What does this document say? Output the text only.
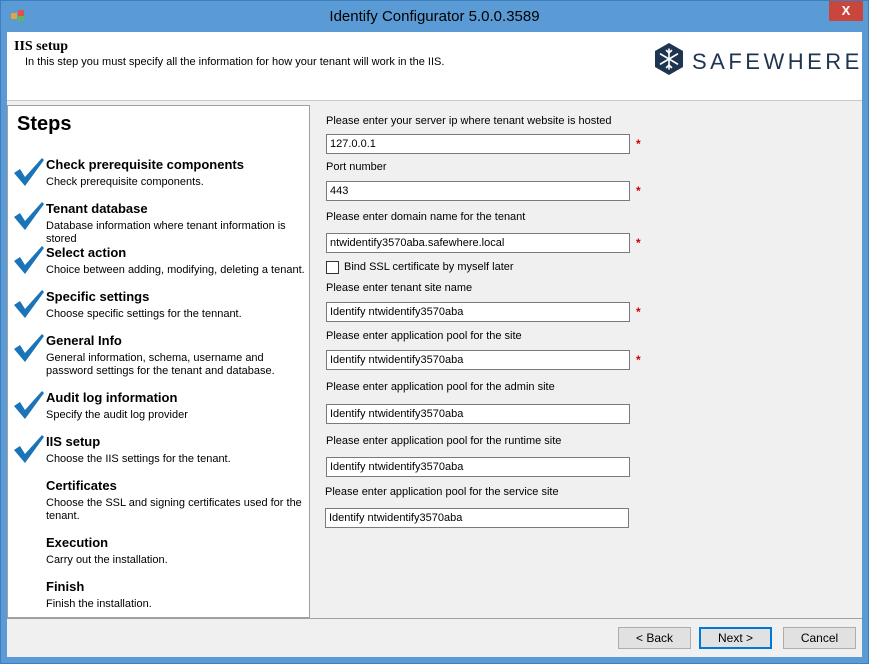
Identify Configurator 5.0.0.3589	X
IIS setup
In this step you must specify all the information for how your tenant will work in the IIS.	SAFEWHERE
Steps
Check prerequisite components
Check prerequisite components.
Tenant database
Database information where tenant information is stored
Select action
Choice between adding, modifying, deleting a tenant.
Specific settings
Choose specific settings for the tennant.
General Info
General information, schema, username and password settings for the tenant and database.
Audit log information
Specify the audit log provider
IIS setup
Choose the IIS settings for the tenant.
Certificates
Choose the SSL and signing certificates used for the tenant.
Execution
Carry out the installation.
Finish
Finish the installation.
Please enter your server ip where tenant website is hosted
127.0.0.1	*
Port number
443	*
Please enter domain name for the tenant
ntwidentify3570aba.safewhere.local	*
Bind SSL certificate by myself later
Please enter tenant site name
Identify ntwidentify3570aba	*
Please enter application pool for the site
Identify ntwidentify3570aba	*
Please enter application pool for the admin site
Identify ntwidentify3570aba
Please enter application pool for the runtime site
Identify ntwidentify3570aba
Please enter application pool for the service site
Identify ntwidentify3570aba
< Back	Next >	Cancel
